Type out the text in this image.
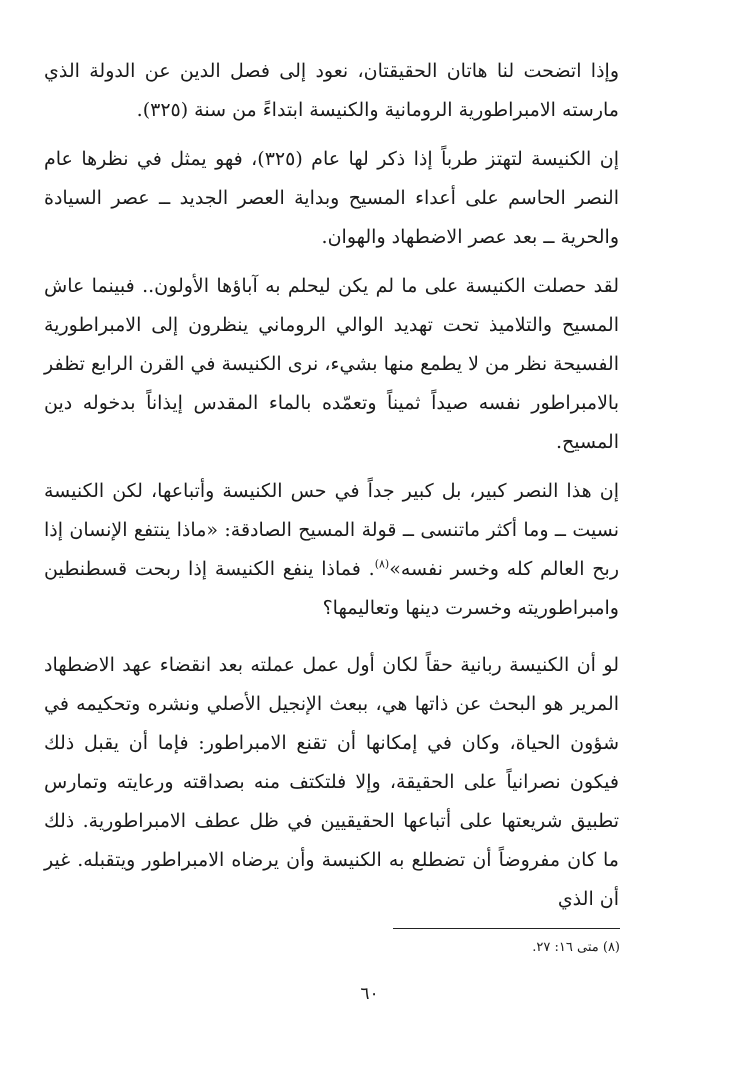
وإذا اتضحت لنا هاتان الحقيقتان، نعود إلى فصل الدين عن الدولة الذي مارسته الامبراطورية الرومانية والكنيسة ابتداءً من سنة (٣٢٥).

إن الكنيسة لتهتز طرباً إذا ذكر لها عام (٣٢٥)، فهو يمثل في نظرها عام النصر الحاسم على أعداء المسيح وبداية العصر الجديد ــ عصر السيادة والحرية ــ بعد عصر الاضطهاد والهوان.

لقد حصلت الكنيسة على ما لم يكن ليحلم به آباؤها الأولون.. فبينما عاش المسيح والتلاميذ تحت تهديد الوالي الروماني ينظرون إلى الامبراطورية الفسيحة نظر من لا يطمع منها بشيء، نرى الكنيسة في القرن الرابع تظفر بالامبراطور نفسه صيداً ثميناً وتعمّده بالماء المقدس إيذاناً بدخوله دين المسيح.

إن هذا النصر كبير، بل كبير جداً في حس الكنيسة وأتباعها، لكن الكنيسة نسيت ــ وما أكثر ماتنسى ــ قولة المسيح الصادقة: «ماذا ينتفع الإنسان إذا ربح العالم كله وخسر نفسه»$^{(٨)}$. فماذا ينفع الكنيسة إذا ربحت قسطنطين وامبراطوريته وخسرت دينها وتعاليمها؟

لو أن الكنيسة ربانية حقاً لكان أول عمل عملته بعد انقضاء عهد الاضطهاد المرير هو البحث عن ذاتها هي، ببعث الإنجيل الأصلي ونشره وتحكيمه في شؤون الحياة، وكان في إمكانها أن تقنع الامبراطور: فإما أن يقبل ذلك فيكون نصرانياً على الحقيقة، وإلا فلتكتف منه بصداقته ورعايته وتمارس تطبيق شريعتها على أتباعها الحقيقيين في ظل عطف الامبراطورية. ذلك ما كان مفروضاً أن تضطلع به الكنيسة وأن يرضاه الامبراطور ويتقبله. غير أن الذي

(٨) متى ١٦: ٢٧.
٦٠
